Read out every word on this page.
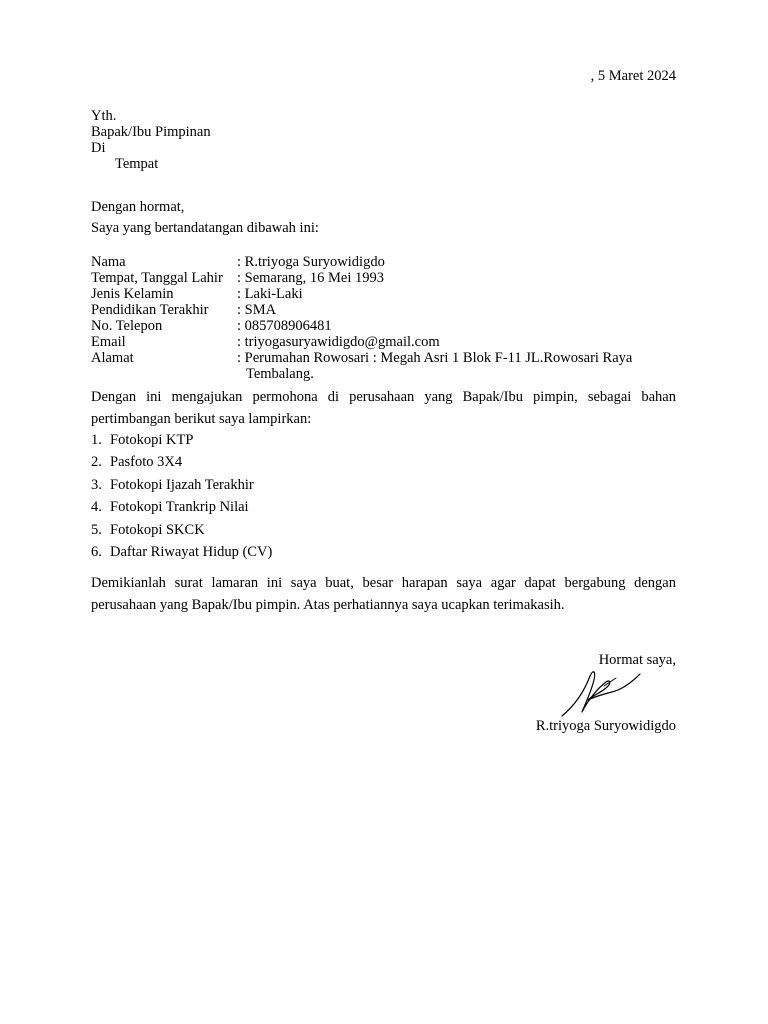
, 5 Maret 2024
Yth.
Bapak/Ibu Pimpinan
Di
Tempat
Dengan hormat,
Saya yang bertandatangan dibawah ini:
Nama	: R.triyoga Suryowidigdo
Tempat, Tanggal Lahir : Semarang, 16 Mei 1993
Jenis Kelamin	: Laki-Laki
Pendidikan Terakhir : SMA
No. Telepon	: 085708906481
Email	: triyogasuryawidigdo@gmail.com
Alamat	: Perumahan Rowosari : Megah Asri 1 Blok F-11 JL.Rowosari Raya
Tembalang.
Dengan ini mengajukan permohona di perusahaan yang Bapak/Ibu pimpin, sebagai bahan pertimbangan berikut saya lampirkan:
1. Fotokopi KTP
2. Pasfoto 3X4
3. Fotokopi Ijazah Terakhir
4. Fotokopi Trankrip Nilai
5. Fotokopi SKCK
6. Daftar Riwayat Hidup (CV)
Demikianlah surat lamaran ini saya buat, besar harapan saya agar dapat bergabung dengan perusahaan yang Bapak/Ibu pimpin. Atas perhatiannya saya ucapkan terimakasih.
Hormat saya,
R.triyoga Suryowidigdo
